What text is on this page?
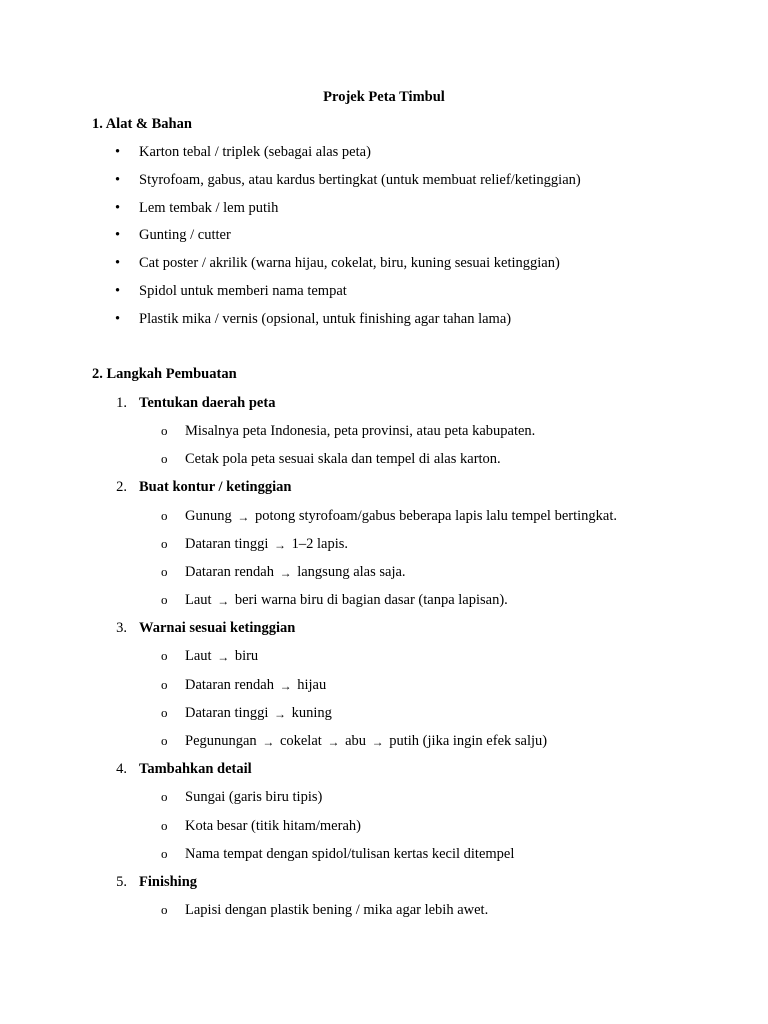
Projek Peta Timbul
1. Alat & Bahan
• Karton tebal / triplek (sebagai alas peta)
• Styrofoam, gabus, atau kardus bertingkat (untuk membuat relief/ketinggian)
• Lem tembak / lem putih
• Gunting / cutter
• Cat poster / akrilik (warna hijau, cokelat, biru, kuning sesuai ketinggian)
• Spidol untuk memberi nama tempat
• Plastik mika / vernis (opsional, untuk finishing agar tahan lama)
2. Langkah Pembuatan
1. Tentukan daerah peta
o Misalnya peta Indonesia, peta provinsi, atau peta kabupaten.
o Cetak pola peta sesuai skala dan tempel di alas karton.
2. Buat kontur / ketinggian
o Gunung → potong styrofoam/gabus beberapa lapis lalu tempel bertingkat.
o Dataran tinggi → 1–2 lapis.
o Dataran rendah → langsung alas saja.
o Laut → beri warna biru di bagian dasar (tanpa lapisan).
3. Warnai sesuai ketinggian
o Laut → biru
o Dataran rendah → hijau
o Dataran tinggi → kuning
o Pegunungan → cokelat → abu → putih (jika ingin efek salju)
4. Tambahkan detail
o Sungai (garis biru tipis)
o Kota besar (titik hitam/merah)
o Nama tempat dengan spidol/tulisan kertas kecil ditempel
5. Finishing
o Lapisi dengan plastik bening / mika agar lebih awet.
